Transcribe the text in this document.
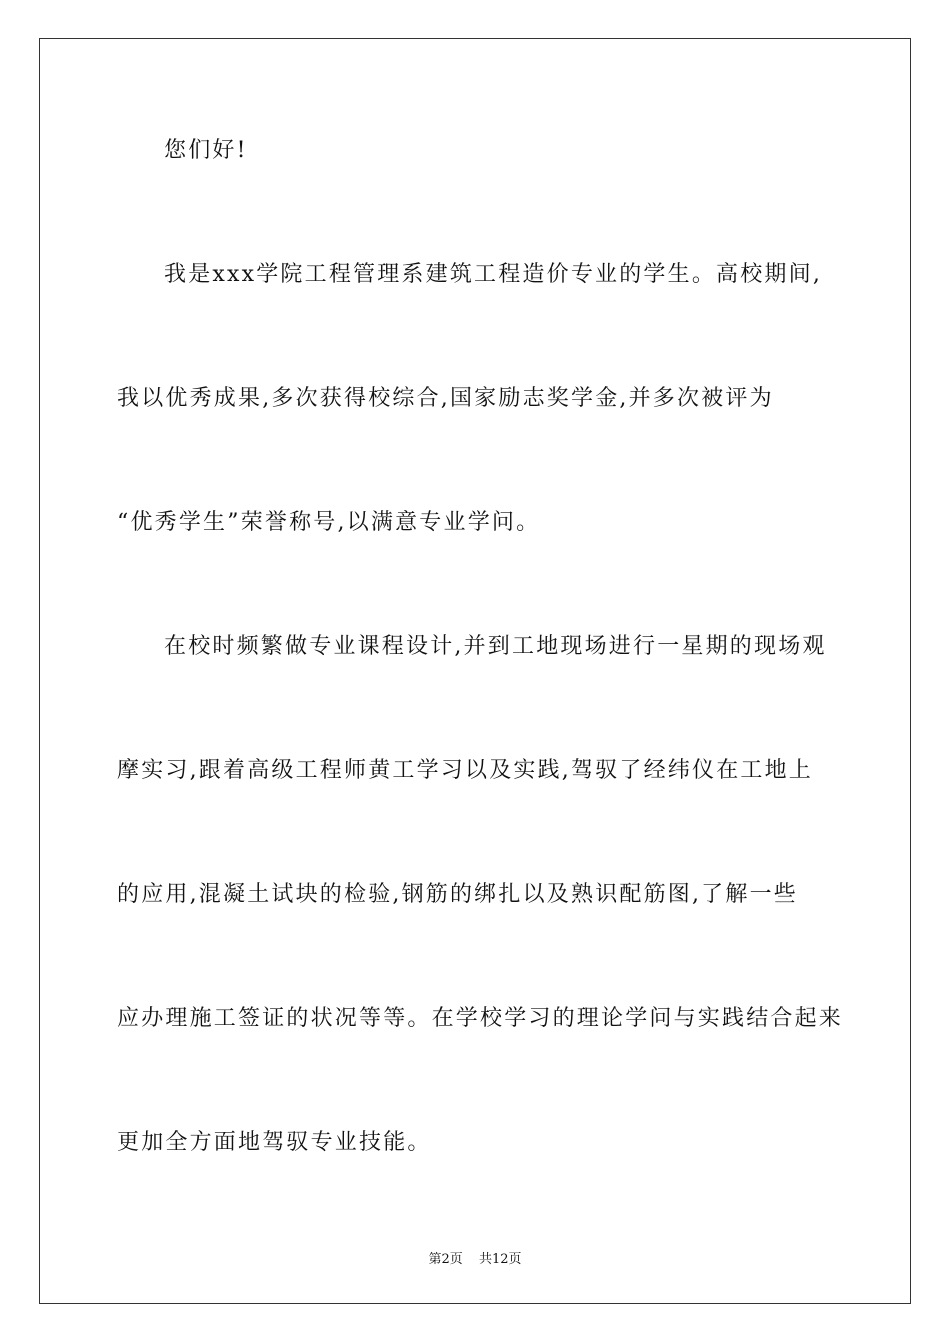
您们好!
我是xxx学院工程管理系建筑工程造价专业的学生。高校期间,
我以优秀成果,多次获得校综合,国家励志奖学金,并多次被评为
“优秀学生”荣誉称号,以满意专业学问。
在校时频繁做专业课程设计,并到工地现场进行一星期的现场观
摩实习,跟着高级工程师黄工学习以及实践,驾驭了经纬仪在工地上
的应用,混凝土试块的检验,钢筋的绑扎以及熟识配筋图,了解一些
应办理施工签证的状况等等。在学校学习的理论学问与实践结合起来
更加全方面地驾驭专业技能。
第2页 共12页
